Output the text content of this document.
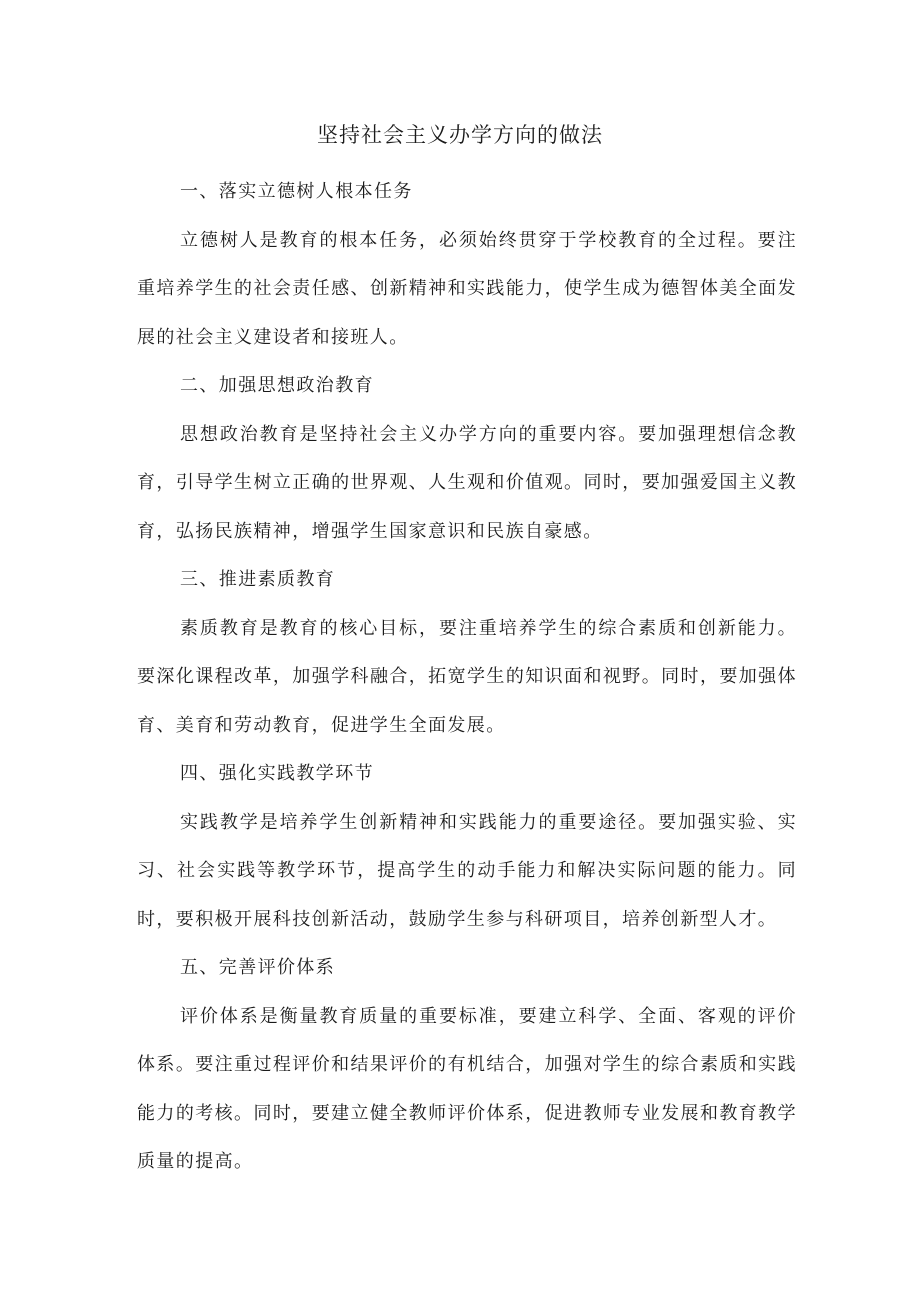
坚持社会主义办学方向的做法

一、落实立德树人根本任务

立德树人是教育的根本任务，必须始终贯穿于学校教育的全过程。要注重培养学生的社会责任感、创新精神和实践能力，使学生成为德智体美全面发展的社会主义建设者和接班人。

二、加强思想政治教育

思想政治教育是坚持社会主义办学方向的重要内容。要加强理想信念教育，引导学生树立正确的世界观、人生观和价值观。同时，要加强爱国主义教育，弘扬民族精神，增强学生国家意识和民族自豪感。

三、推进素质教育

素质教育是教育的核心目标，要注重培养学生的综合素质和创新能力。要深化课程改革，加强学科融合，拓宽学生的知识面和视野。同时，要加强体育、美育和劳动教育，促进学生全面发展。

四、强化实践教学环节

实践教学是培养学生创新精神和实践能力的重要途径。要加强实验、实习、社会实践等教学环节，提高学生的动手能力和解决实际问题的能力。同时，要积极开展科技创新活动，鼓励学生参与科研项目，培养创新型人才。

五、完善评价体系

评价体系是衡量教育质量的重要标准，要建立科学、全面、客观的评价体系。要注重过程评价和结果评价的有机结合，加强对学生的综合素质和实践能力的考核。同时，要建立健全教师评价体系，促进教师专业发展和教育教学质量的提高。
